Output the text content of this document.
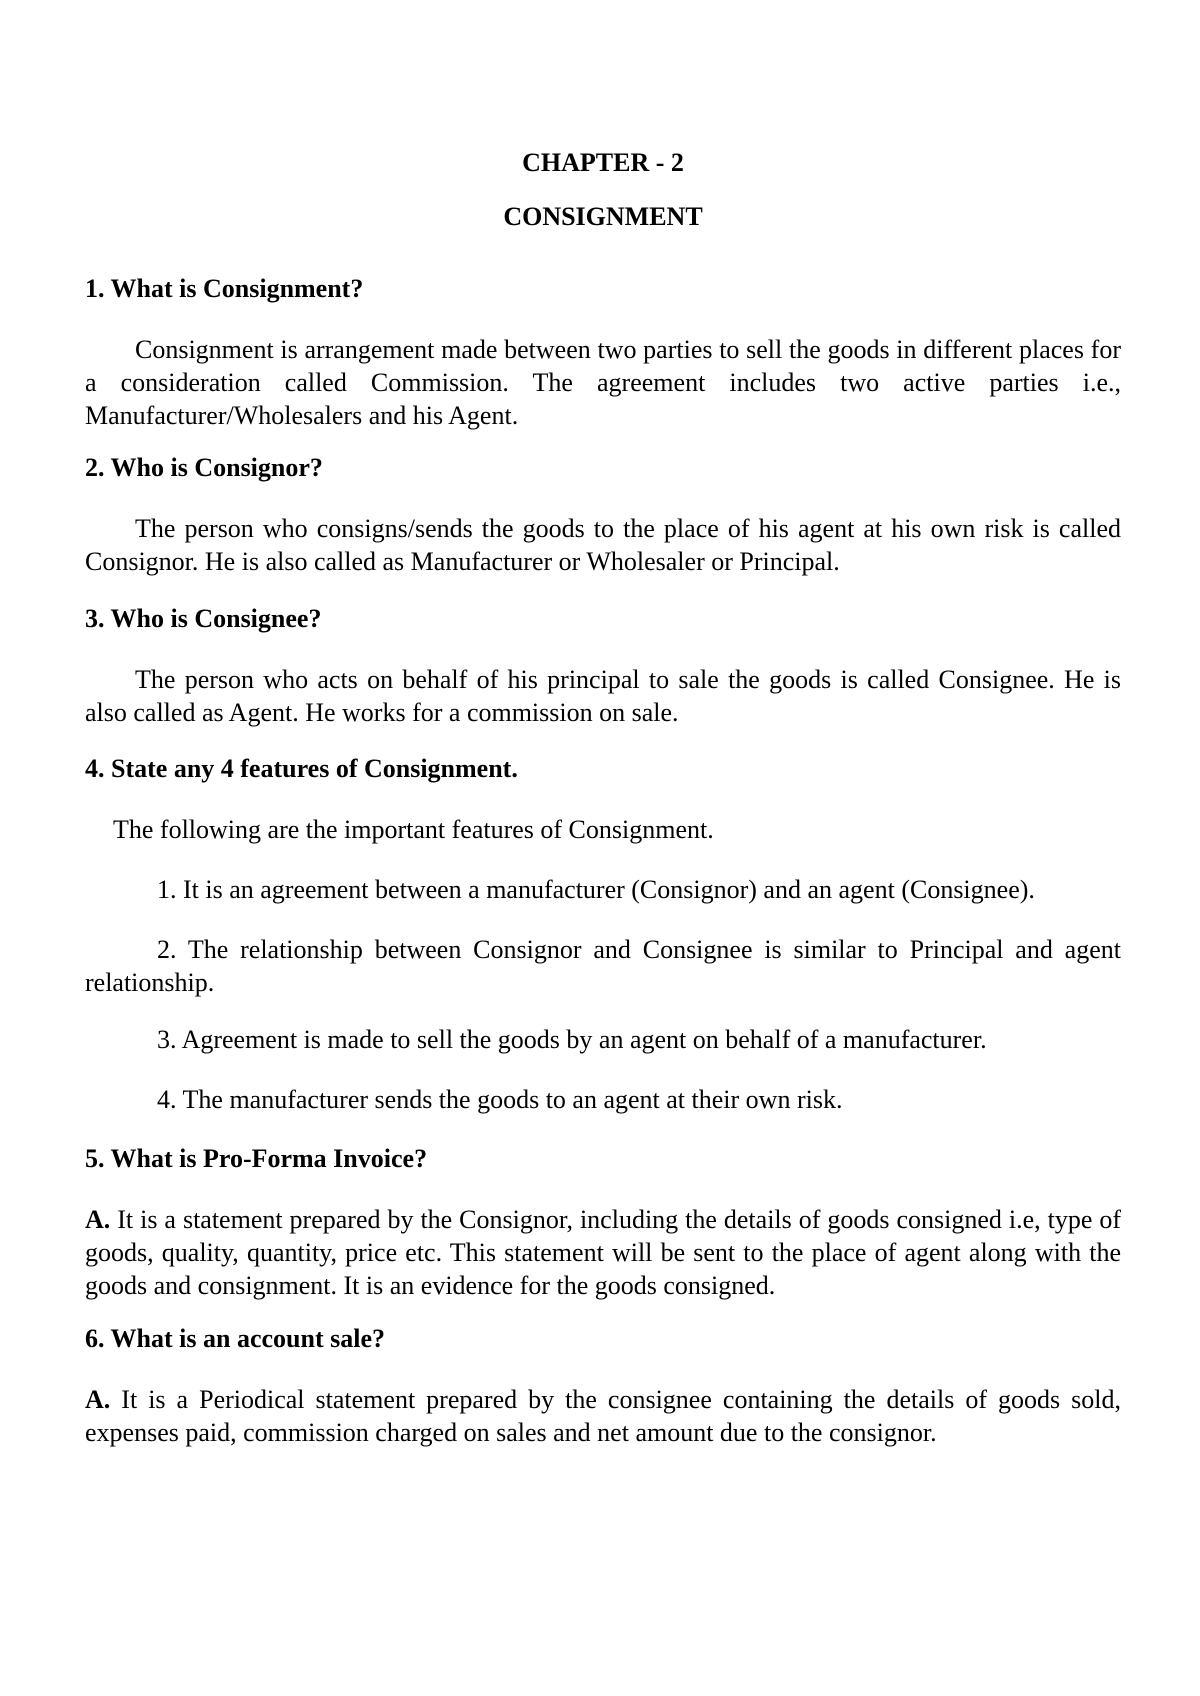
CHAPTER - 2

CONSIGNMENT

1. What is Consignment?

Consignment is arrangement made between two parties to sell the goods in different places for a consideration called Commission. The agreement includes two active parties i.e., Manufacturer/Wholesalers and his Agent.

2. Who is Consignor?

The person who consigns/sends the goods to the place of his agent at his own risk is called Consignor. He is also called as Manufacturer or Wholesaler or Principal.

3. Who is Consignee?

The person who acts on behalf of his principal to sale the goods is called Consignee. He is also called as Agent. He works for a commission on sale.

4. State any 4 features of Consignment.

The following are the important features of Consignment.

1. It is an agreement between a manufacturer (Consignor) and an agent (Consignee).

2. The relationship between Consignor and Consignee is similar to Principal and agent relationship.

3. Agreement is made to sell the goods by an agent on behalf of a manufacturer.

4. The manufacturer sends the goods to an agent at their own risk.

5. What is Pro-Forma Invoice?

A. It is a statement prepared by the Consignor, including the details of goods consigned i.e, type of goods, quality, quantity, price etc. This statement will be sent to the place of agent along with the goods and consignment. It is an evidence for the goods consigned.

6. What is an account sale?

A. It is a Periodical statement prepared by the consignee containing the details of goods sold, expenses paid, commission charged on sales and net amount due to the consignor.
